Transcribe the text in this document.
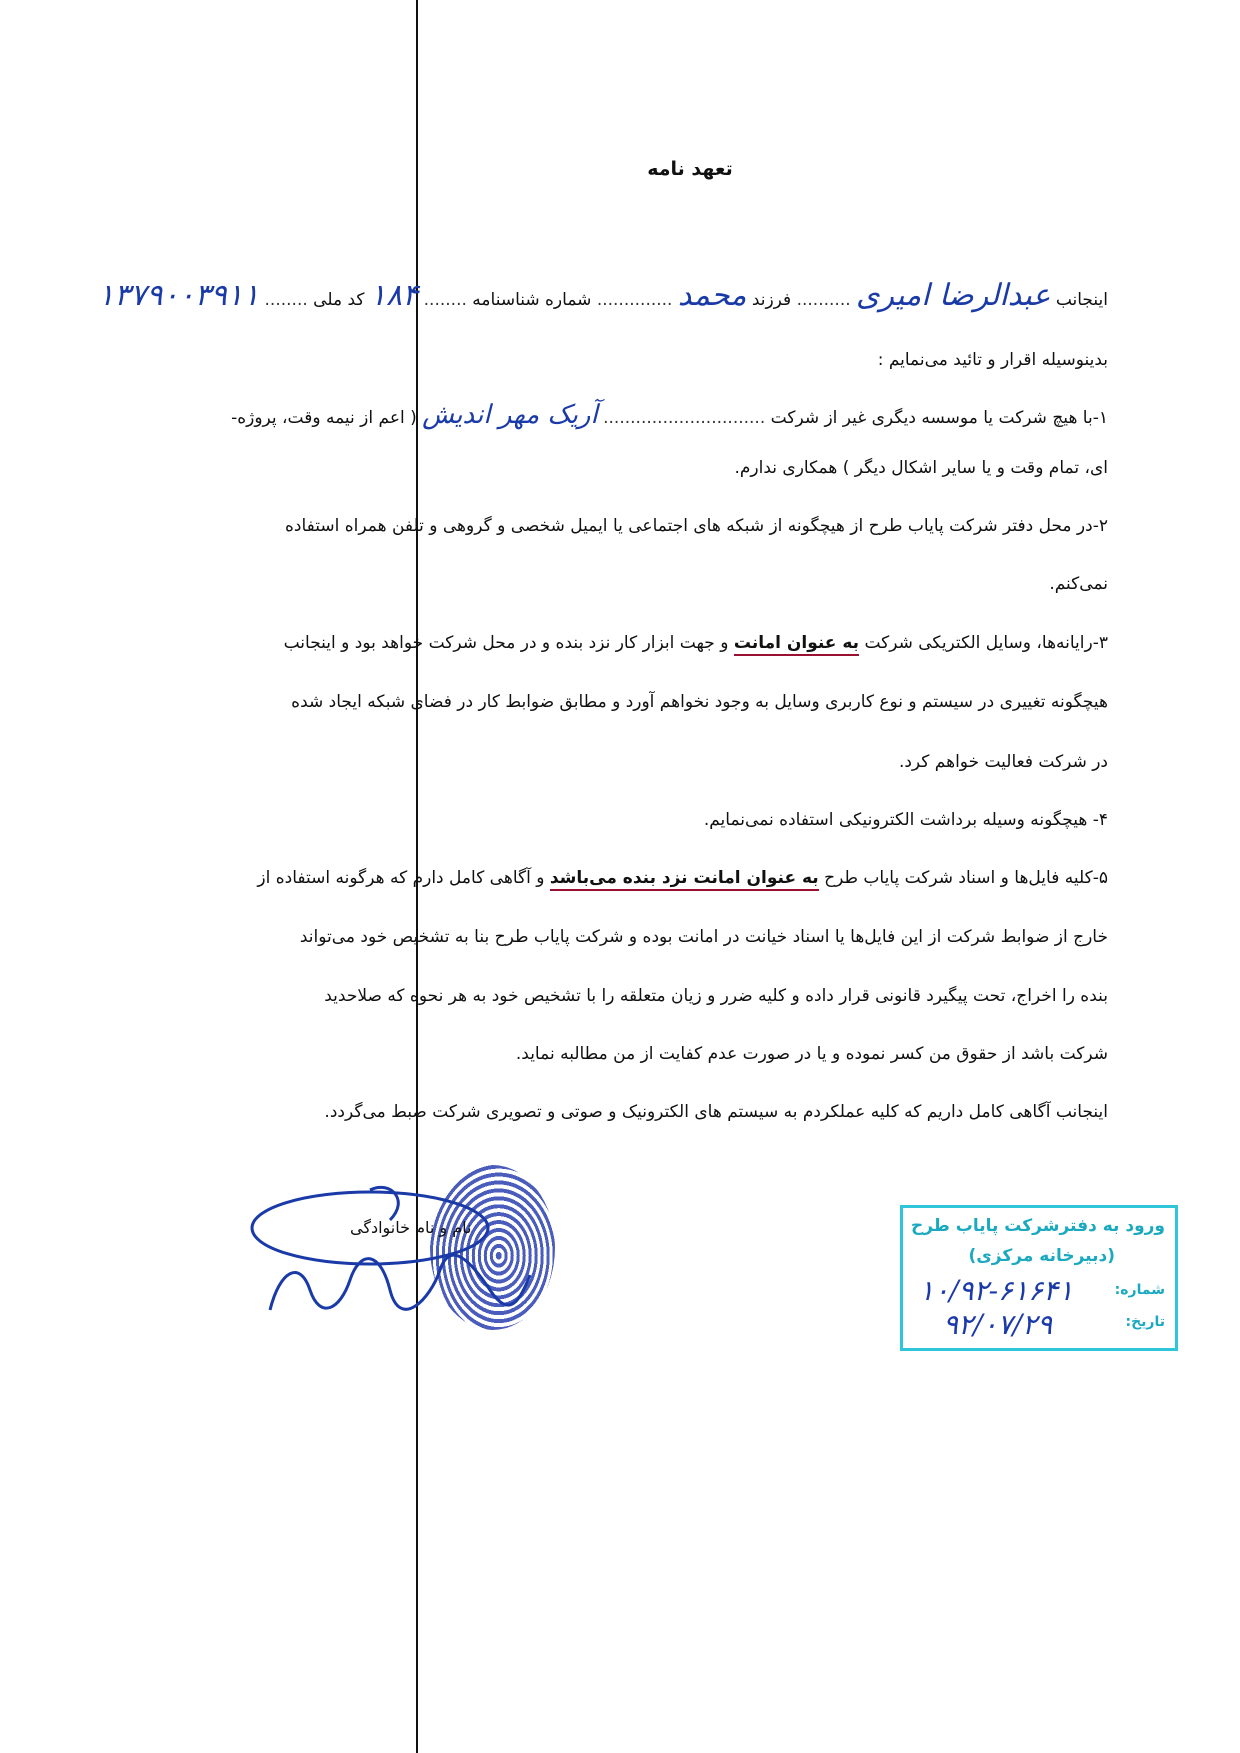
تعهد نامه
اینجانب عبدالرضا امیری .......... فرزند محمد .............. شماره شناسنامه ........ ۱۸۴ کد ملی ........ ۱۳۷۹۰۰۳۹۱۱
بدینوسیله اقرار و تائید می‌نمایم :
۱-با هیچ شرکت یا موسسه دیگری غیر از شرکت .............................. آریک مهر اندیش ( اعم از نیمه وقت، پروژه-
ای، تمام وقت و یا سایر اشکال دیگر ) همکاری ندارم.
۲-در محل دفتر شرکت پایاب طرح از هیچگونه از شبکه های اجتماعی یا ایمیل شخصی و گروهی و تلفن همراه استفاده
نمی‌کنم.
۳-رایانه‌ها، وسایل الکتریکی شرکت به عنوان امانت و جهت ابزار کار نزد بنده و در محل شرکت خواهد بود و اینجانب
هیچگونه تغییری در سیستم و نوع کاربری وسایل به وجود نخواهم آورد و مطابق ضوابط کار در فضای شبکه ایجاد شده
در شرکت فعالیت خواهم کرد.
۴- هیچگونه وسیله برداشت الکترونیکی استفاده نمی‌نمایم.
۵-کلیه فایل‌ها و اسناد شرکت پایاب طرح به عنوان امانت نزد بنده می‌باشد و آگاهی کامل دارم که هرگونه استفاده از
خارج از ضوابط شرکت از این فایل‌ها یا اسناد خیانت در امانت بوده و شرکت پایاب طرح بنا به تشخیص خود می‌تواند
بنده را اخراج، تحت پیگیرد قانونی قرار داده و کلیه ضرر و زیان متعلقه را با تشخیص خود به هر نحوه که صلاحدید
شرکت باشد از حقوق من کسر نموده و یا در صورت عدم کفایت از من مطالبه نماید.
اینجانب آگاهی کامل داریم که کلیه عملکردم به سیستم های الکترونیک و صوتی و تصویری شرکت ضبط می‌گردد.
نام و نام خانوادگی	ورود به دفترشرکت پایاب طرح
(دبیرخانه مرکزی)
شماره:
۱۰/۹۲-۶۱۶۴۱
تاریخ:
۹۲/۰۷/۲۹
